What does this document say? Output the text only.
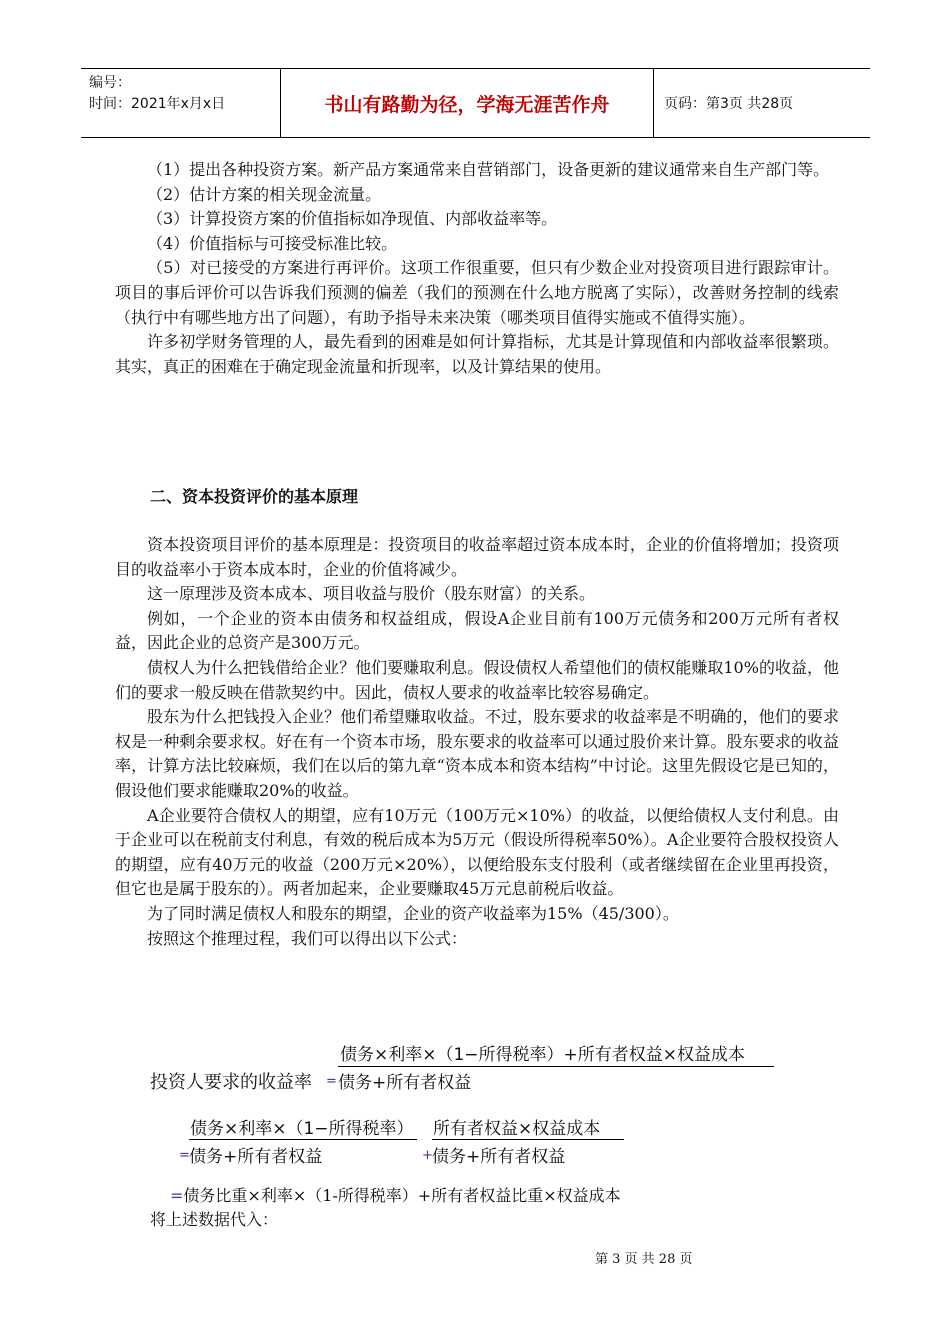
编号：
时间：2021年x月x日	书山有路勤为径，学海无涯苦作舟	页码：第3页 共28页

（1）提出各种投资方案。新产品方案通常来自营销部门，设备更新的建议通常来自生产部门等。

（2）估计方案的相关现金流量。

（3）计算投资方案的价值指标如净现值、内部收益率等。

（4）价值指标与可接受标准比较。

（5）对已接受的方案进行再评价。这项工作很重要，但只有少数企业对投资项目进行跟踪审计。项目的事后评价可以告诉我们预测的偏差（我们的预测在什么地方脱离了实际），改善财务控制的线索（执行中有哪些地方出了问题），有助予指导未来决策（哪类项目值得实施或不值得实施）。

许多初学财务管理的人，最先看到的困难是如何计算指标，尤其是计算现值和内部收益率很繁琐。其实，真正的困难在于确定现金流量和折现率，以及计算结果的使用。

二、资本投资评价的基本原理

资本投资项目评价的基本原理是：投资项目的收益率超过资本成本时，企业的价值将增加；投资项目的收益率小于资本成本时，企业的价值将减少。

这一原理涉及资本成本、项目收益与股价（股东财富）的关系。

例如，一个企业的资本由债务和权益组成，假设A企业目前有100万元债务和200万元所有者权益，因此企业的总资产是300万元。

债权人为什么把钱借给企业？他们要赚取利息。假设债权人希望他们的债权能赚取10%的收益，他们的要求一般反映在借款契约中。因此，债权人要求的收益率比较容易确定。

股东为什么把钱投入企业？他们希望赚取收益。不过，股东要求的收益率是不明确的，他们的要求权是一种剩余要求权。好在有一个资本市场，股东要求的收益率可以通过股价来计算。股东要求的收益率，计算方法比较麻烦，我们在以后的第九章“资本成本和资本结构”中讨论。这里先假设它是已知的，假设他们要求能赚取20%的收益。

A企业要符合债权人的期望，应有10万元（100万元×10%）的收益，以便给债权人支付利息。由于企业可以在税前支付利息，有效的税后成本为5万元（假设所得税率50%）。A企业要符合股权投资人的期望，应有40万元的收益（200万元×20%），以便给股东支付股利（或者继续留在企业里再投资，但它也是属于股东的）。两者加起来，企业要赚取45万元息前税后收益。

为了同时满足债权人和股东的期望，企业的资产收益率为15%（45/300）。

按照这个推理过程，我们可以得出以下公式：

债务×利率×（1−所得税率）+所有者权益×权益成本
投资人要求的收益率 = 债务+所有者权益
债务×利率×（1−所得税率）
= 债务+所有者权益
所有者权益×权益成本
+ 债务+所有者权益
=债务比重×利率×（1-所得税率）+所有者权益比重×权益成本
将上述数据代入：
第 3 页 共 28 页
